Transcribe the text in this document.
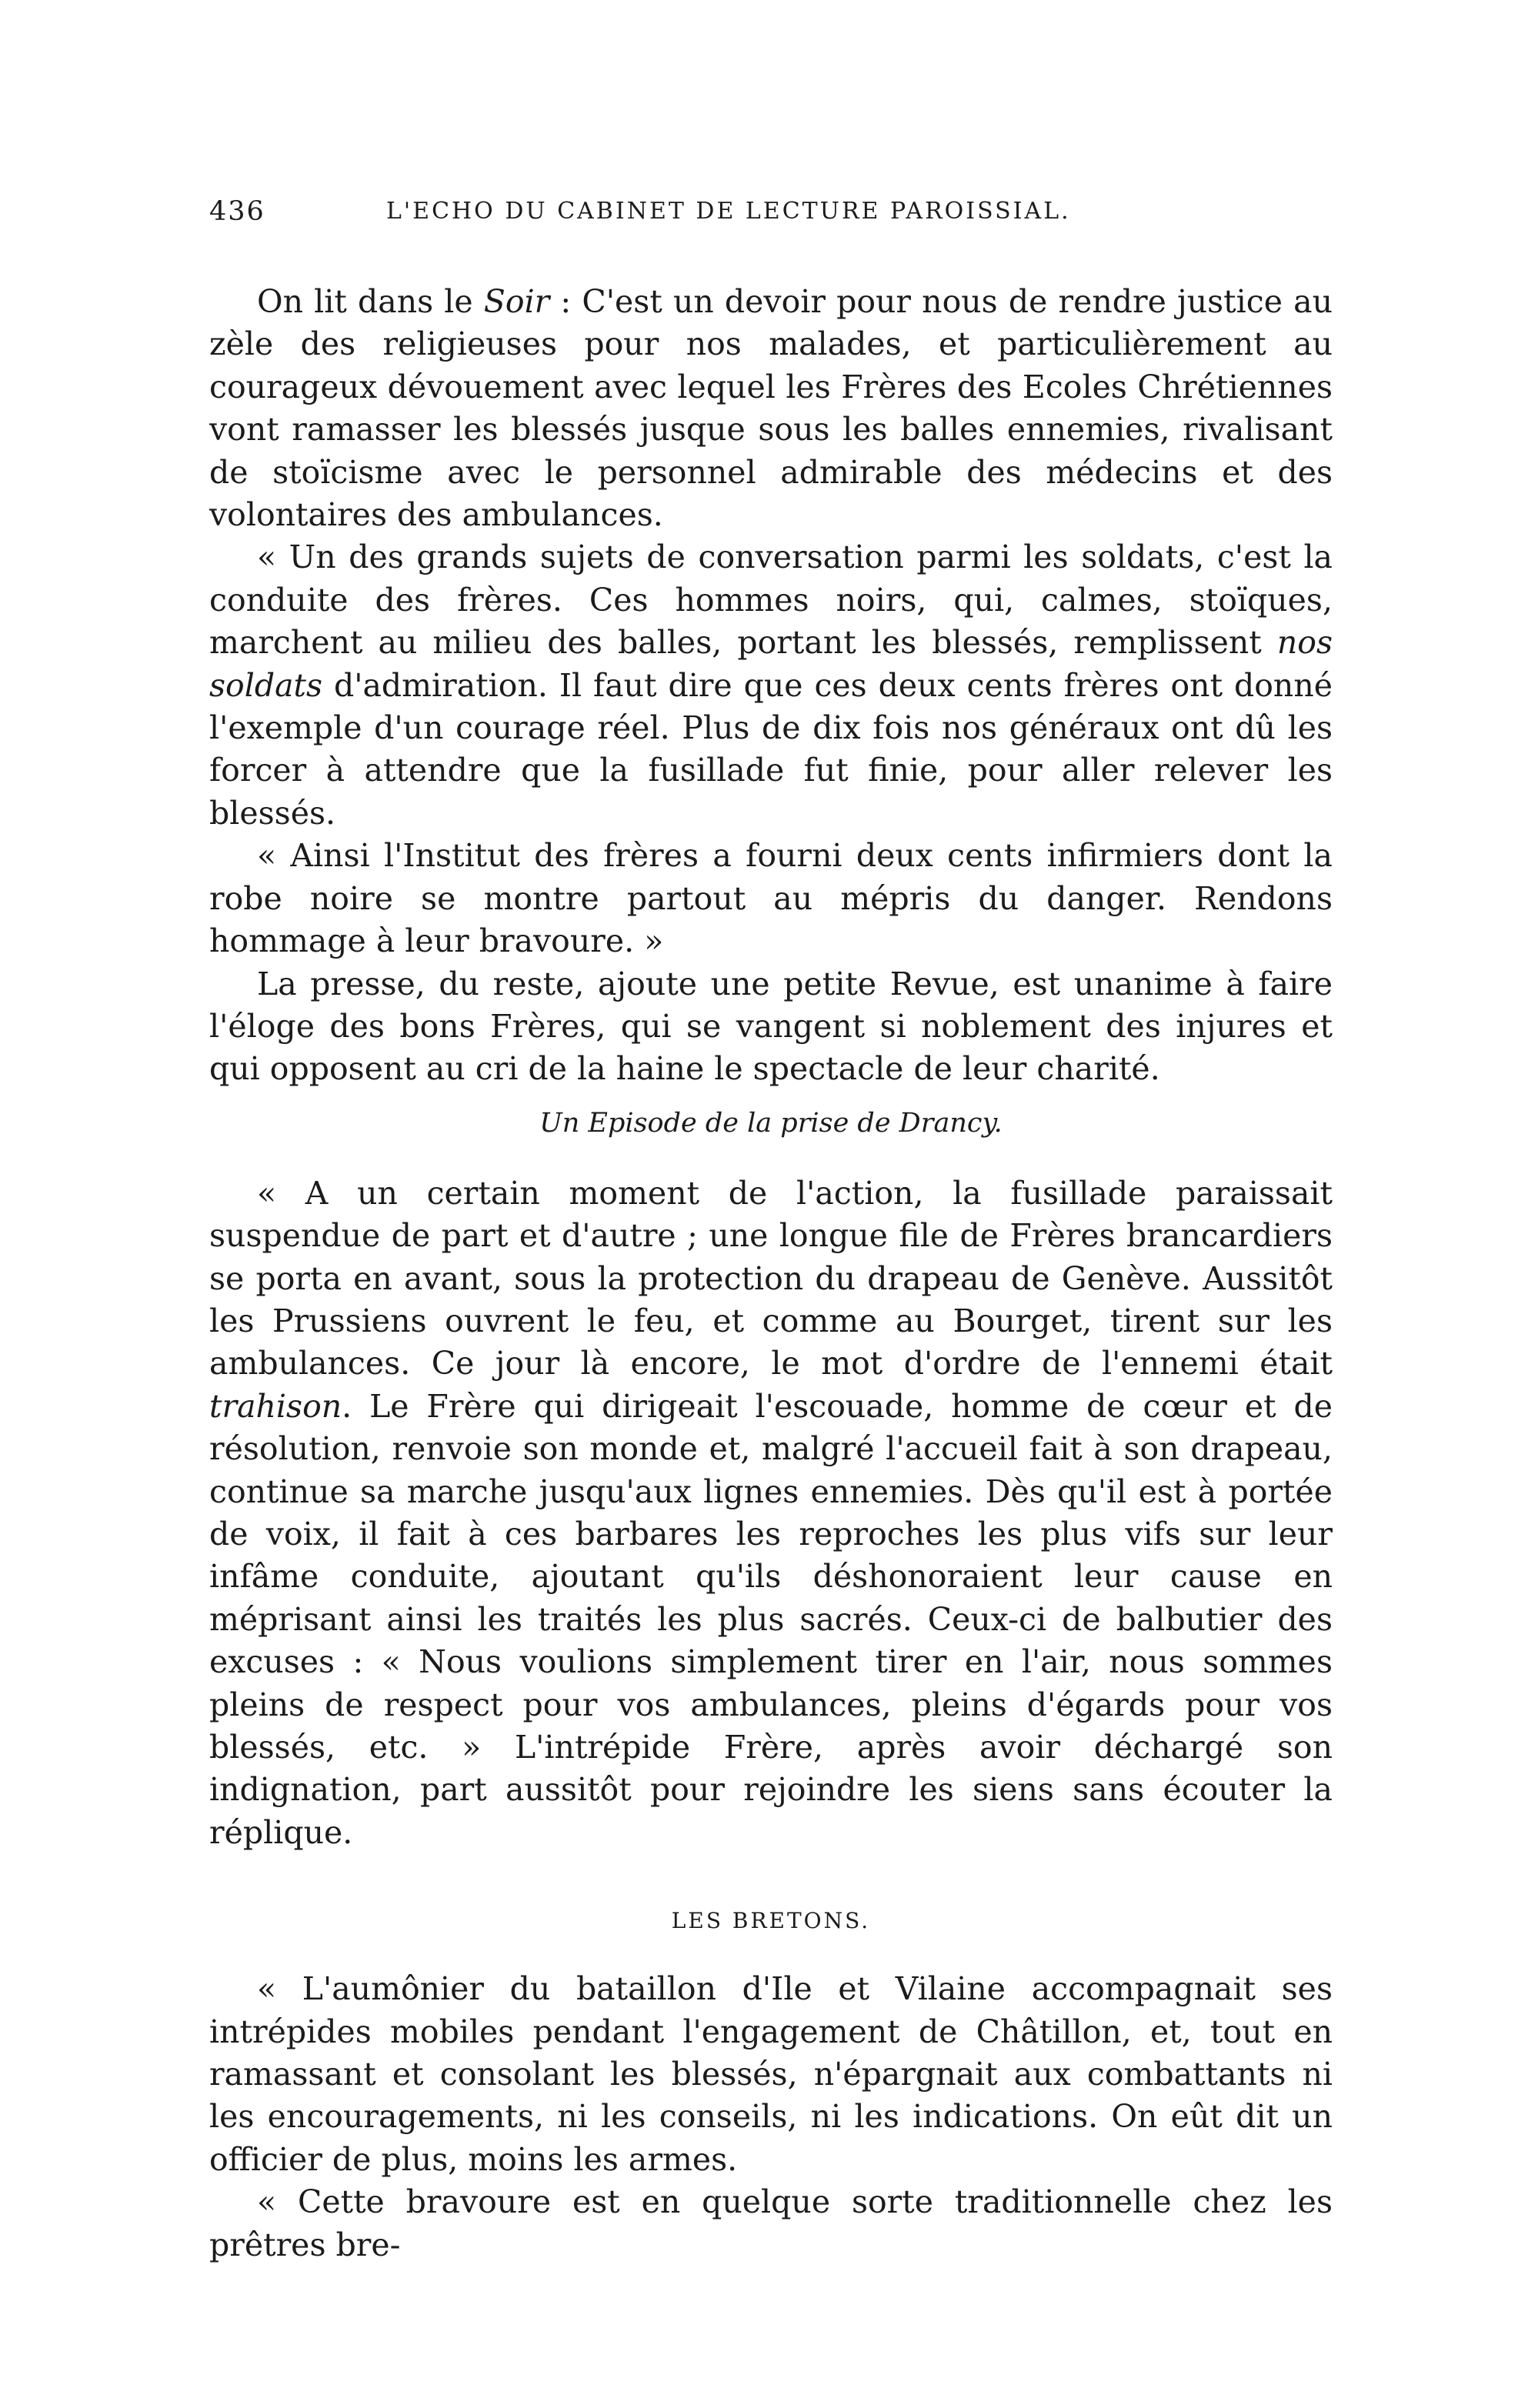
436	L'ECHO DU CABINET DE LECTURE PAROISSIAL.

On lit dans le Soir : C'est un devoir pour nous de rendre justice au zèle des religieuses pour nos malades, et particulièrement au courageux dévouement avec lequel les Frères des Ecoles Chrétiennes vont ramasser les blessés jusque sous les balles ennemies, rivalisant de stoïcisme avec le personnel admirable des médecins et des volontaires des ambulances.

« Un des grands sujets de conversation parmi les soldats, c'est la conduite des frères. Ces hommes noirs, qui, calmes, stoïques, marchent au milieu des balles, portant les blessés, remplissent nos soldats d'admiration. Il faut dire que ces deux cents frères ont donné l'exemple d'un courage réel. Plus de dix fois nos généraux ont dû les forcer à attendre que la fusillade fut finie, pour aller relever les blessés.

« Ainsi l'Institut des frères a fourni deux cents infirmiers dont la robe noire se montre partout au mépris du danger. Rendons hommage à leur bravoure. »

La presse, du reste, ajoute une petite Revue, est unanime à faire l'éloge des bons Frères, qui se vangent si noblement des injures et qui opposent au cri de la haine le spectacle de leur charité.

Un Episode de la prise de Drancy.

« A un certain moment de l'action, la fusillade paraissait suspendue de part et d'autre ; une longue file de Frères brancardiers se porta en avant, sous la protection du drapeau de Genève. Aussitôt les Prussiens ouvrent le feu, et comme au Bourget, tirent sur les ambulances. Ce jour là encore, le mot d'ordre de l'ennemi était trahison. Le Frère qui dirigeait l'escouade, homme de cœur et de résolution, renvoie son monde et, malgré l'accueil fait à son drapeau, continue sa marche jusqu'aux lignes ennemies. Dès qu'il est à portée de voix, il fait à ces barbares les reproches les plus vifs sur leur infâme conduite, ajoutant qu'ils déshonoraient leur cause en méprisant ainsi les traités les plus sacrés. Ceux-ci de balbutier des excuses : « Nous voulions simplement tirer en l'air, nous sommes pleins de respect pour vos ambulances, pleins d'égards pour vos blessés, etc. » L'intrépide Frère, après avoir déchargé son indignation, part aussitôt pour rejoindre les siens sans écouter la réplique.

LES BRETONS.

« L'aumônier du bataillon d'Ile et Vilaine accompagnait ses intrépides mobiles pendant l'engagement de Châtillon, et, tout en ramassant et consolant les blessés, n'épargnait aux combattants ni les encouragements, ni les conseils, ni les indications. On eût dit un officier de plus, moins les armes.

« Cette bravoure est en quelque sorte traditionnelle chez les prêtres bre-
